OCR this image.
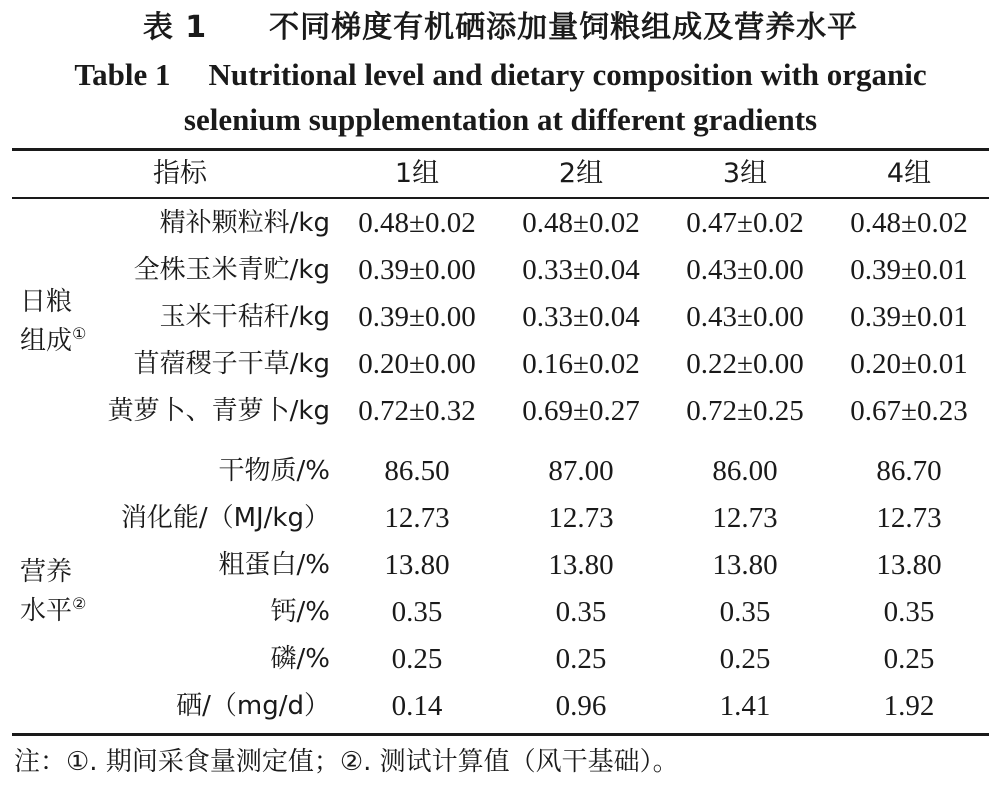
表 1　　不同梯度有机硒添加量饲粮组成及营养水平
Table 1 Nutritional level and dietary composition with organic selenium supplementation at different gradients
指标	1组	2组	3组	4组
日粮
组成①
精补颗粒料/kg 0.48±0.02	0.48±0.02	0.47±0.02	0.48±0.02
全株玉米青贮/kg 0.39±0.00	0.33±0.04	0.43±0.00	0.39±0.01
玉米干秸秆/kg 0.39±0.00	0.33±0.04	0.43±0.00	0.39±0.01
苜蓿稷子干草/kg 0.20±0.00	0.16±0.02	0.22±0.00	0.20±0.01
黄萝卜、青萝卜/kg 0.72±0.32	0.69±0.27	0.72±0.25	0.67±0.23
营养
水平②
干物质/%	86.50	87.00	86.00	86.70
消化能/（MJ/kg）	12.73	12.73	12.73	12.73
粗蛋白/%	13.80	13.80	13.80	13.80
钙/%	0.35	0.35	0.35	0.35
磷/%	0.25	0.25	0.25	0.25
硒/（mg/d）	0.14	0.96	1.41	1.92
注：①. 期间采食量测定值；②. 测试计算值（风干基础）。
